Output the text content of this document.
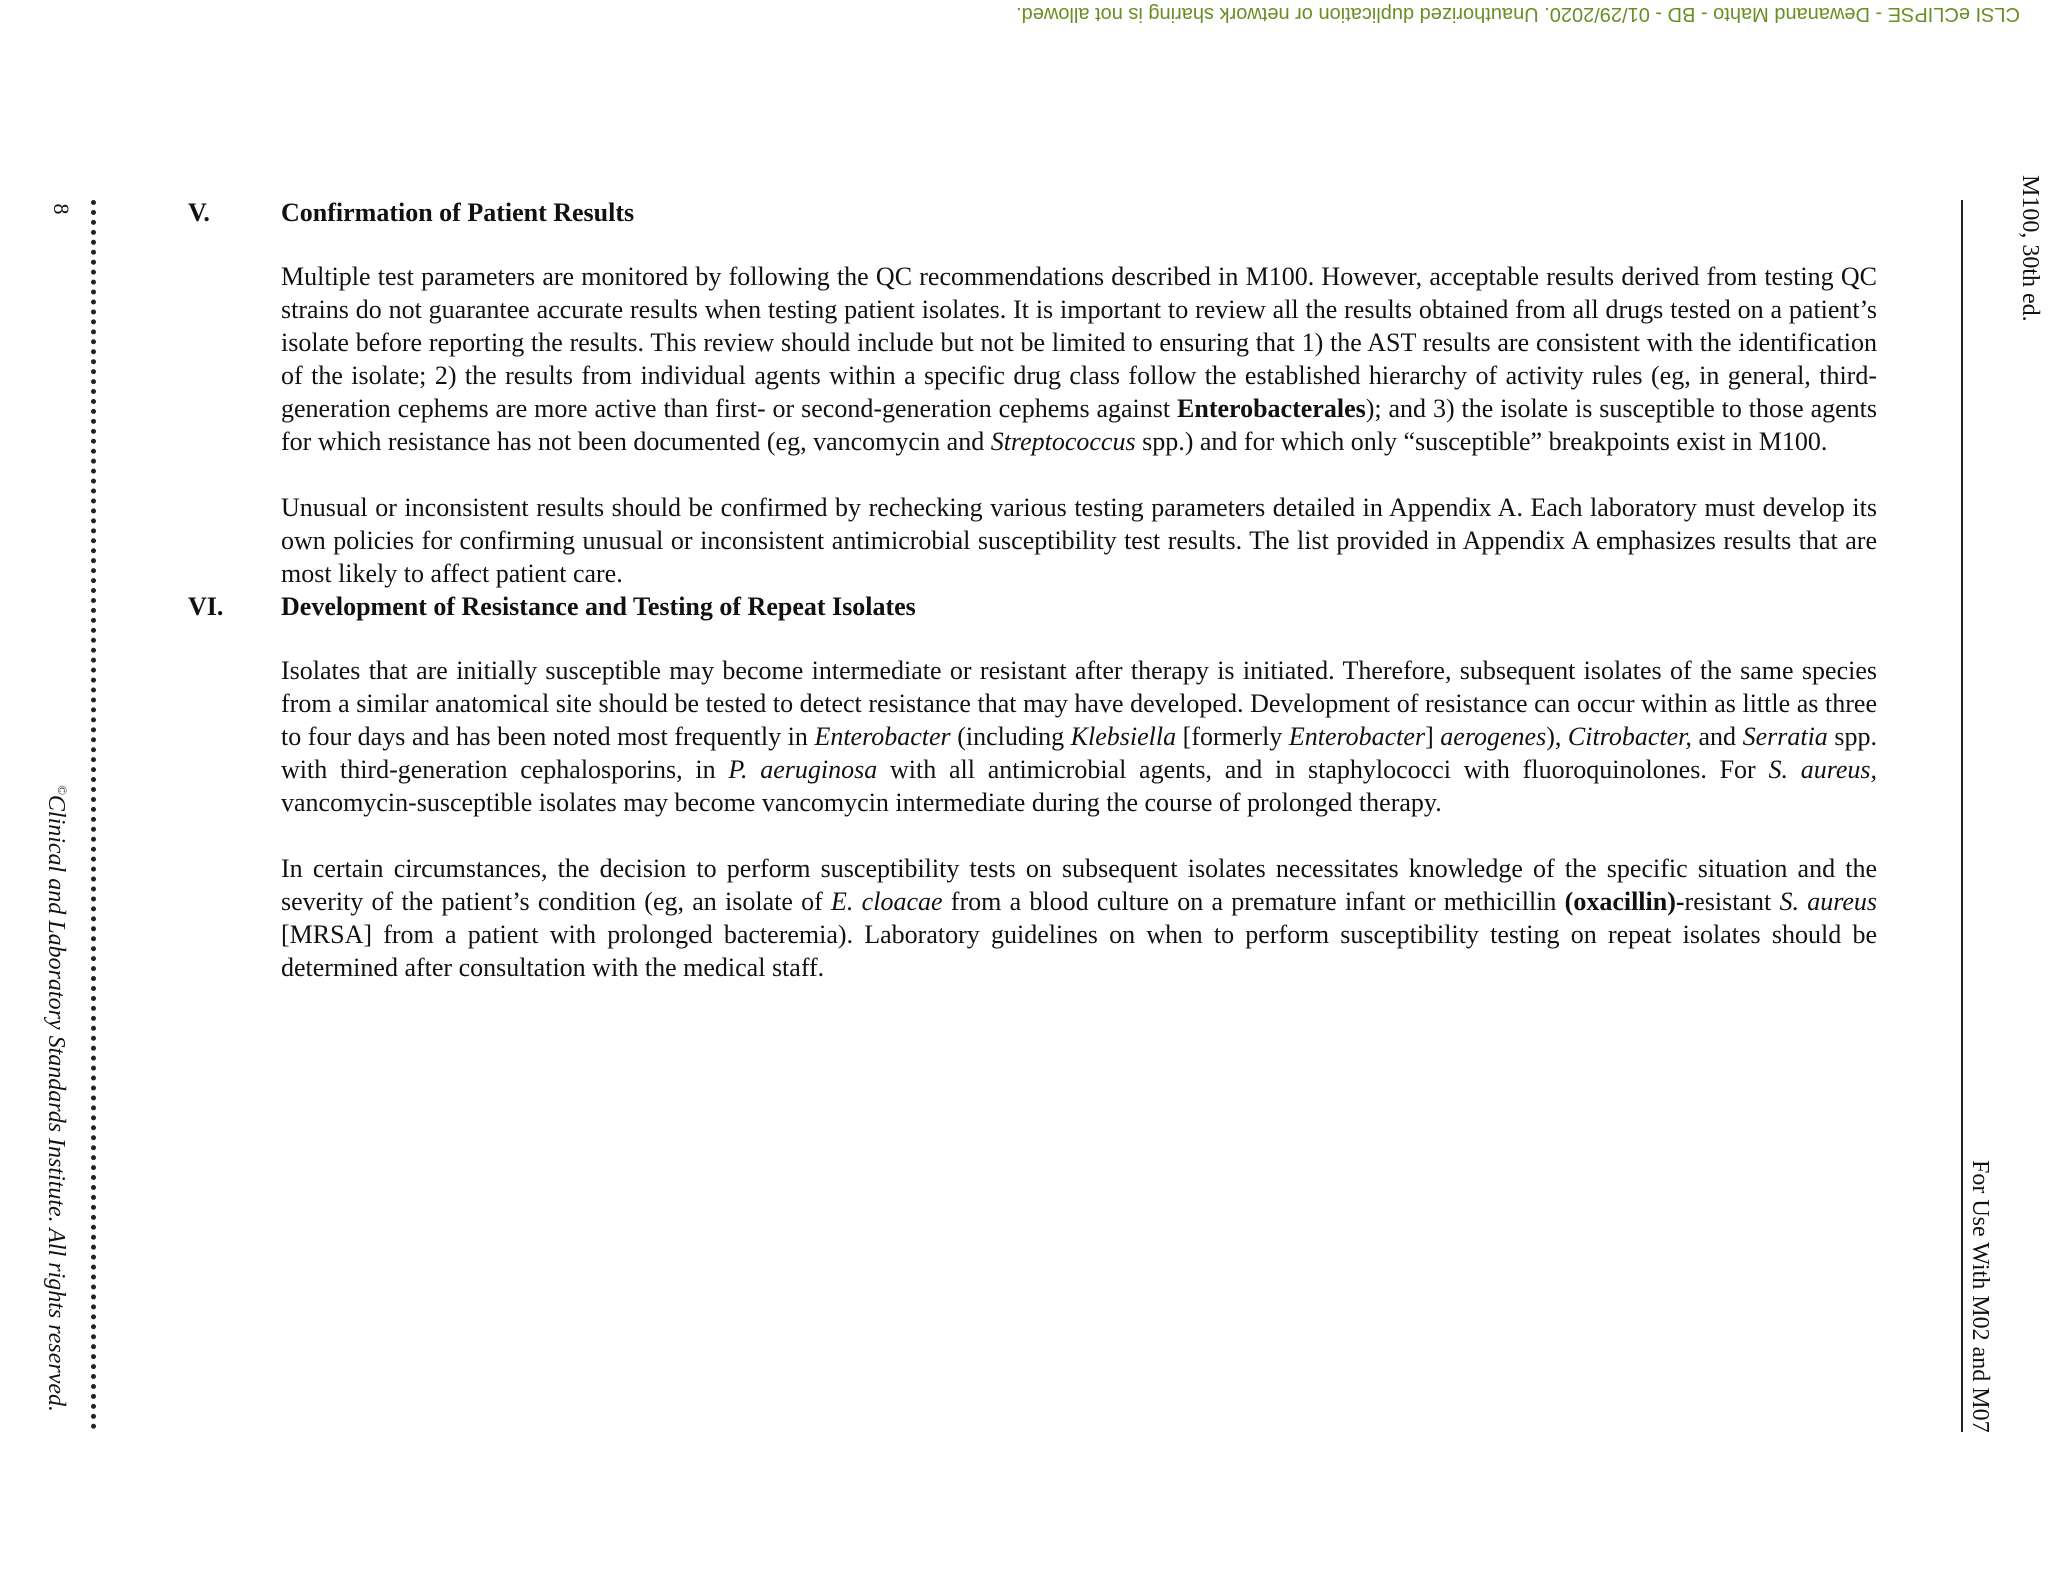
CLSI eCLIPSE - Dewanand Mahto - BD - 01/29/2020. Unauthorized duplication or network sharing is not allowed.
8
©Clinical and Laboratory Standards Institute. All rights reserved.
M100, 30th ed.
For Use With M02 and M07
V.	Confirmation of Patient Results

Multiple test parameters are monitored by following the QC recommendations described in M100. However, acceptable results derived from testing QC strains do not guarantee accurate results when testing patient isolates. It is important to review all the results obtained from all drugs tested on a patient’s isolate before reporting the results. This review should include but not be limited to ensuring that 1) the AST results are consistent with the identification of the isolate; 2) the results from individual agents within a specific drug class follow the established hierarchy of activity rules (eg, in general, third-generation cephems are more active than first- or second-generation cephems against Enterobacterales); and 3) the isolate is susceptible to those agents for which resistance has not been documented (eg, vancomycin and Streptococcus spp.) and for which only “susceptible” breakpoints exist in M100.

Unusual or inconsistent results should be confirmed by rechecking various testing parameters detailed in Appendix A. Each laboratory must develop its own policies for confirming unusual or inconsistent antimicrobial susceptibility test results. The list provided in Appendix A emphasizes results that are most likely to affect patient care.

VI. Development of Resistance and Testing of Repeat Isolates

Isolates that are initially susceptible may become intermediate or resistant after therapy is initiated. Therefore, subsequent isolates of the same species from a similar anatomical site should be tested to detect resistance that may have developed. Development of resistance can occur within as little as three to four days and has been noted most frequently in Enterobacter (including Klebsiella [formerly Enterobacter] aerogenes), Citrobacter, and Serratia spp. with third-generation cephalosporins, in P. aeruginosa with all antimicrobial agents, and in staphylococci with fluoroquinolones. For S. aureus, vancomycin-susceptible isolates may become vancomycin intermediate during the course of prolonged therapy.

In certain circumstances, the decision to perform susceptibility tests on subsequent isolates necessitates knowledge of the specific situation and the severity of the patient’s condition (eg, an isolate of E. cloacae from a blood culture on a premature infant or methicillin (oxacillin)-resistant S. aureus [MRSA] from a patient with prolonged bacteremia). Laboratory guidelines on when to perform susceptibility testing on repeat isolates should be determined after consultation with the medical staff.
